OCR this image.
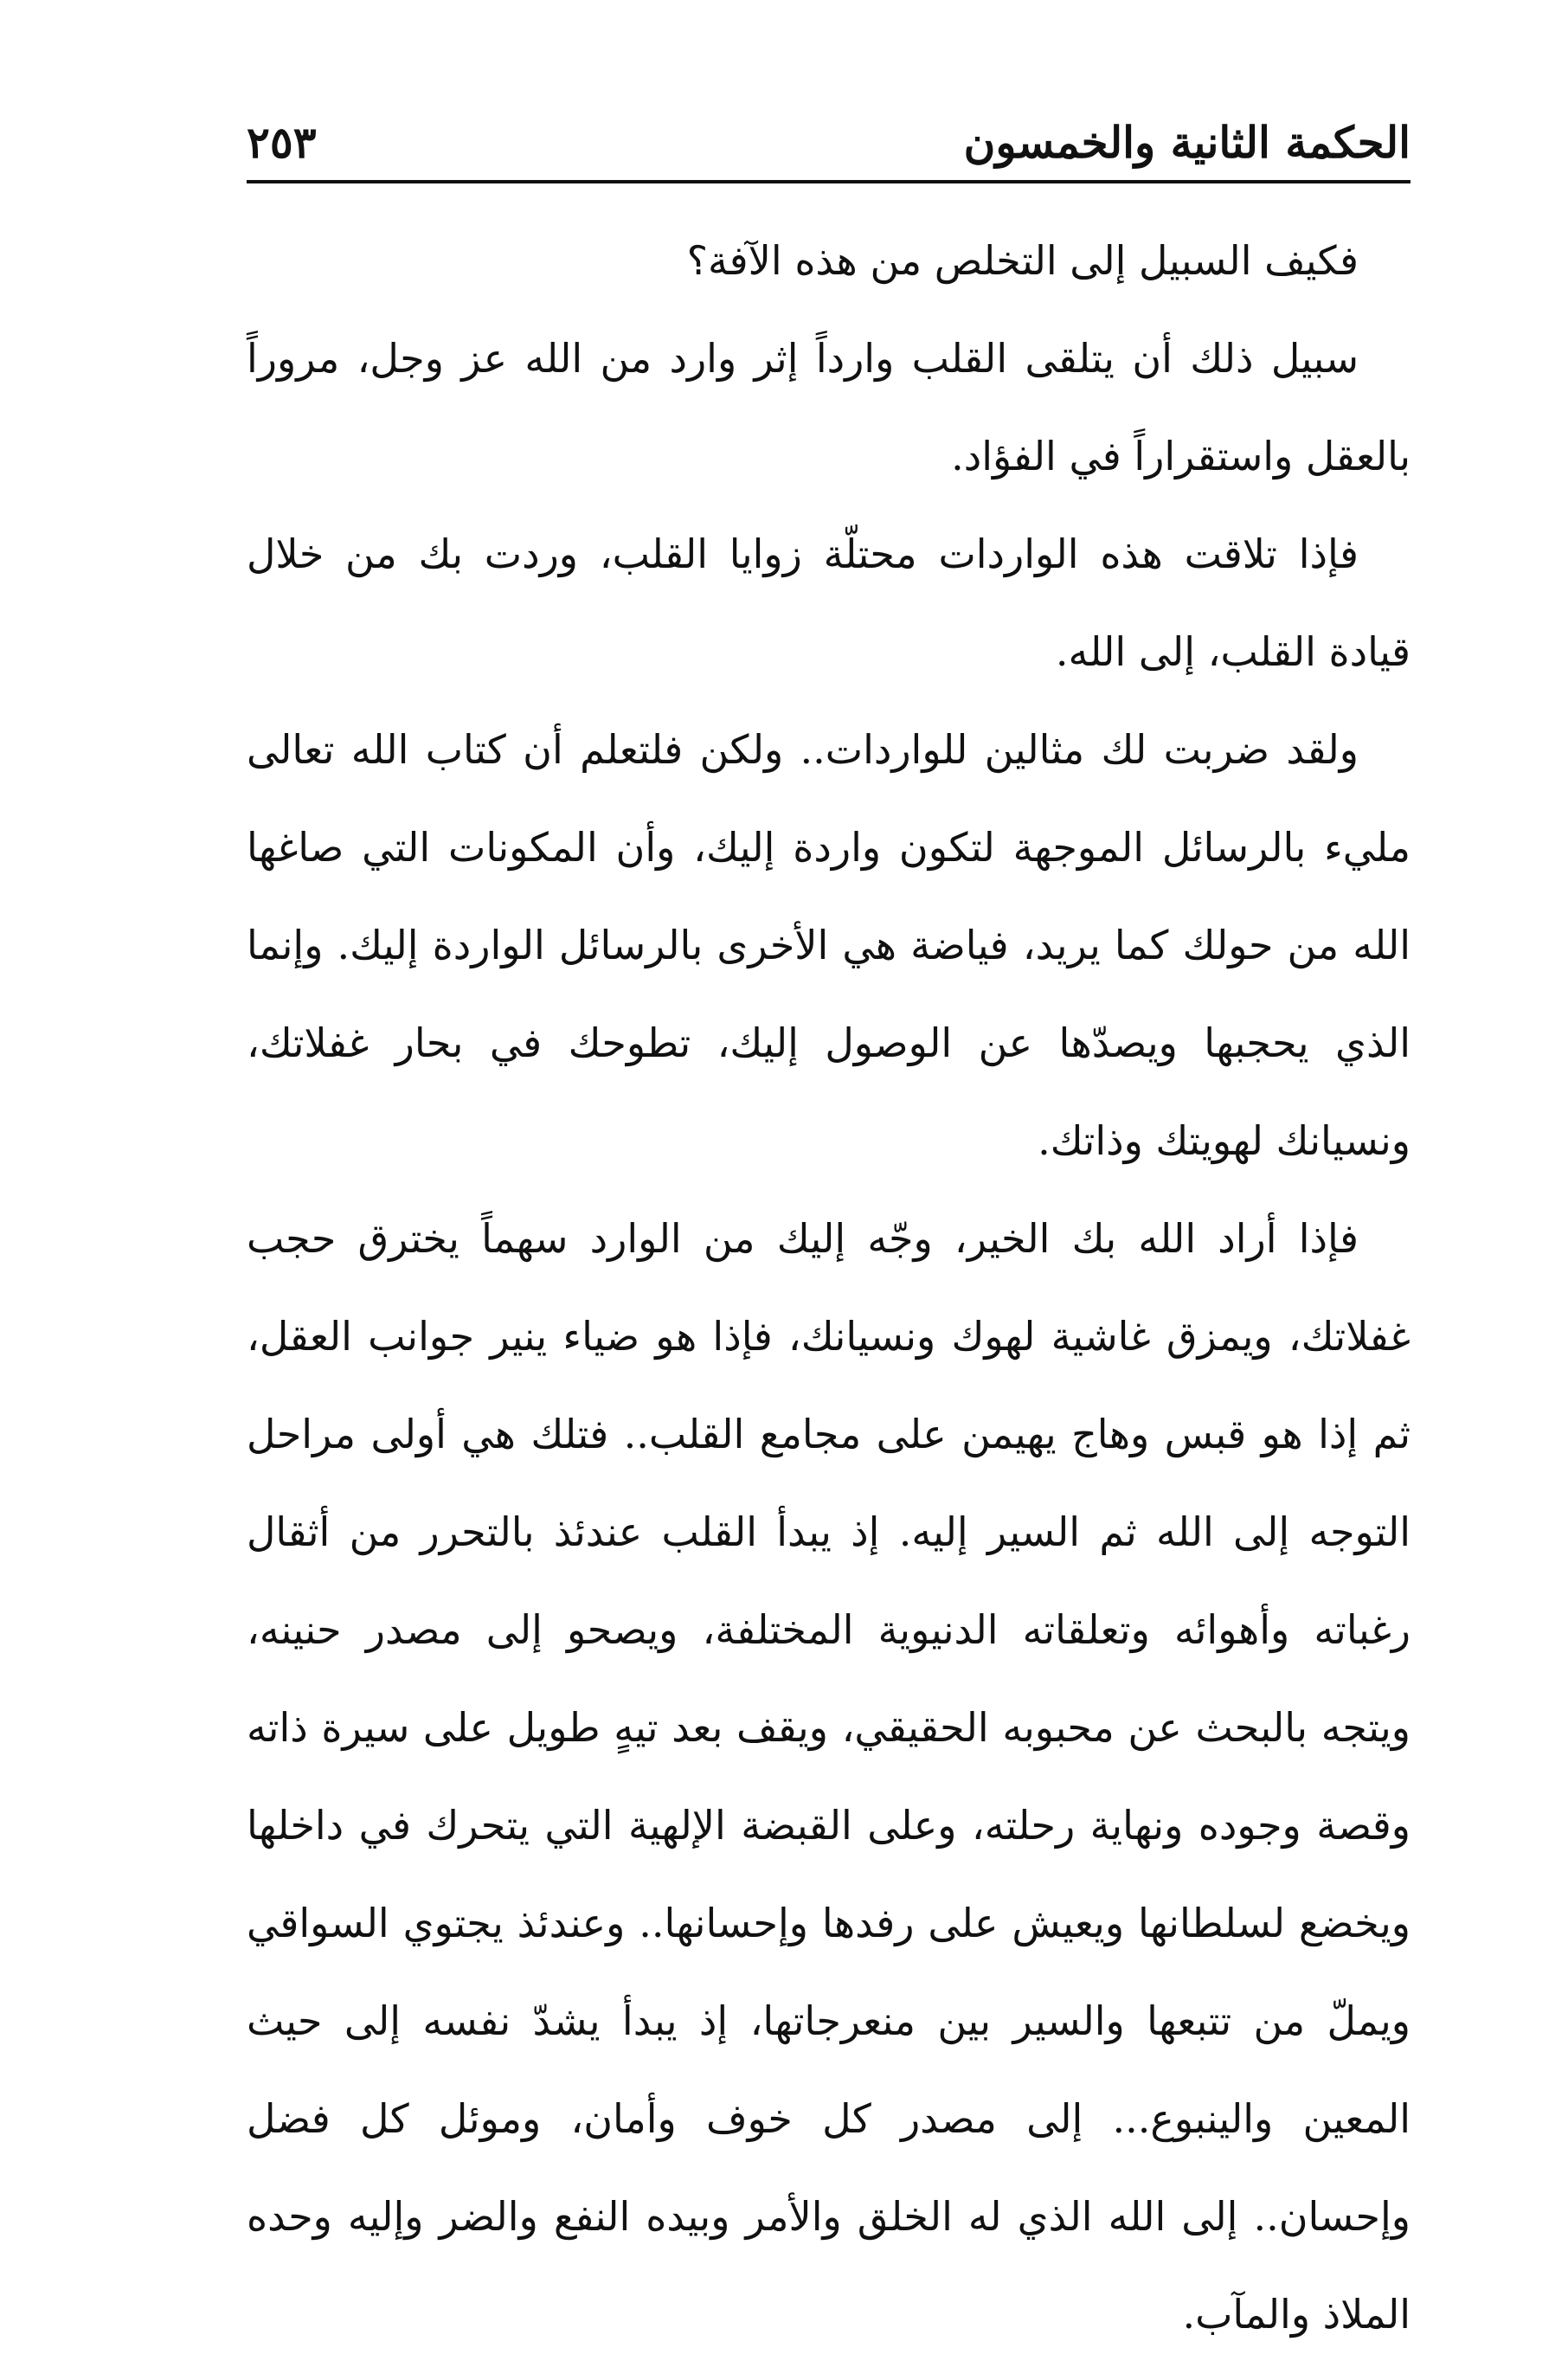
الحكمة الثانية والخمسون
٢٥٣

فكيف السبيل إلى التخلص من هذه الآفة؟

سبيل ذلك أن يتلقى القلب وارداً إثر وارد من الله عز وجل، مروراً بالعقل واستقراراً في الفؤاد.

فإذا تلاقت هذه الواردات محتلّة زوايا القلب، وردت بك من خلال قيادة القلب، إلى الله.

ولقد ضربت لك مثالين للواردات.. ولكن فلتعلم أن كتاب الله تعالى مليء بالرسائل الموجهة لتكون واردة إليك، وأن المكونات التي صاغها الله من حولك كما يريد، فياضة هي الأخرى بالرسائل الواردة إليك. وإنما الذي يحجبها ويصدّها عن الوصول إليك، تطوحك في بحار غفلاتك، ونسيانك لهويتك وذاتك.

فإذا أراد الله بك الخير، وجّه إليك من الوارد سهماً يخترق حجب غفلاتك، ويمزق غاشية لهوك ونسيانك، فإذا هو ضياء ينير جوانب العقل، ثم إذا هو قبس وهاج يهيمن على مجامع القلب.. فتلك هي أولى مراحل التوجه إلى الله ثم السير إليه. إذ يبدأ القلب عندئذ بالتحرر من أثقال رغباته وأهوائه وتعلقاته الدنيوية المختلفة، ويصحو إلى مصدر حنينه، ويتجه بالبحث عن محبوبه الحقيقي، ويقف بعد تيهٍ طويل على سيرة ذاته وقصة وجوده ونهاية رحلته، وعلى القبضة الإلهية التي يتحرك في داخلها ويخضع لسلطانها ويعيش على رفدها وإحسانها.. وعندئذ يجتوي السواقي ويملّ من تتبعها والسير بين منعرجاتها، إذ يبدأ يشدّ نفسه إلى حيث المعين والينبوع... إلى مصدر كل خوف وأمان، وموئل كل فضل وإحسان.. إلى الله الذي له الخلق والأمر وبيده النفع والضر وإليه وحده الملاذ والمآب.
